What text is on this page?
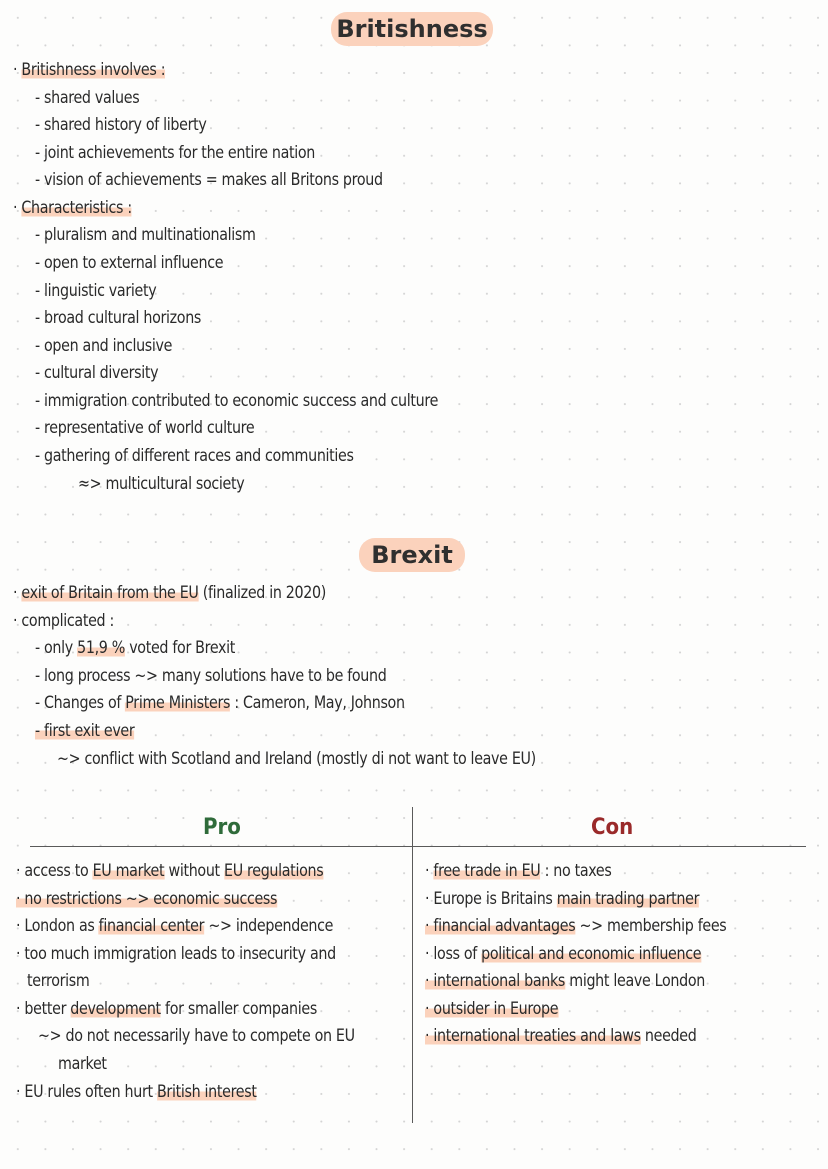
Britishness
· Britishness involves :
- shared values
- shared history of liberty
- joint achievements for the entire nation
- vision of achievements = makes all Britons proud
· Characteristics :
- pluralism and multinationalism
- open to external influence
- linguistic variety
- broad cultural horizons
- open and inclusive
- cultural diversity
- immigration contributed to economic success and culture
- representative of world culture
- gathering of different races and communities
≈> multicultural society
Brexit
· exit of Britain from the EU (finalized in 2020)
· complicated :
- only 51,9 % voted for Brexit
- long process ~> many solutions have to be found
- Changes of Prime Ministers : Cameron, May, Johnson
- first exit ever
~> conflict with Scotland and Ireland (mostly di not want to leave EU)
Pro	Con
· access to EU market without EU regulations
· no restrictions ~> economic success
· London as financial center ~> independence
· too much immigration leads to insecurity and
terrorism
· better development for smaller companies
~> do not necessarily have to compete on EU
market
· EU rules often hurt British interest
· free trade in EU : no taxes
· Europe is Britains main trading partner
· financial advantages ~> membership fees
· loss of political and economic influence
· international banks might leave London
· outsider in Europe
· international treaties and laws needed
